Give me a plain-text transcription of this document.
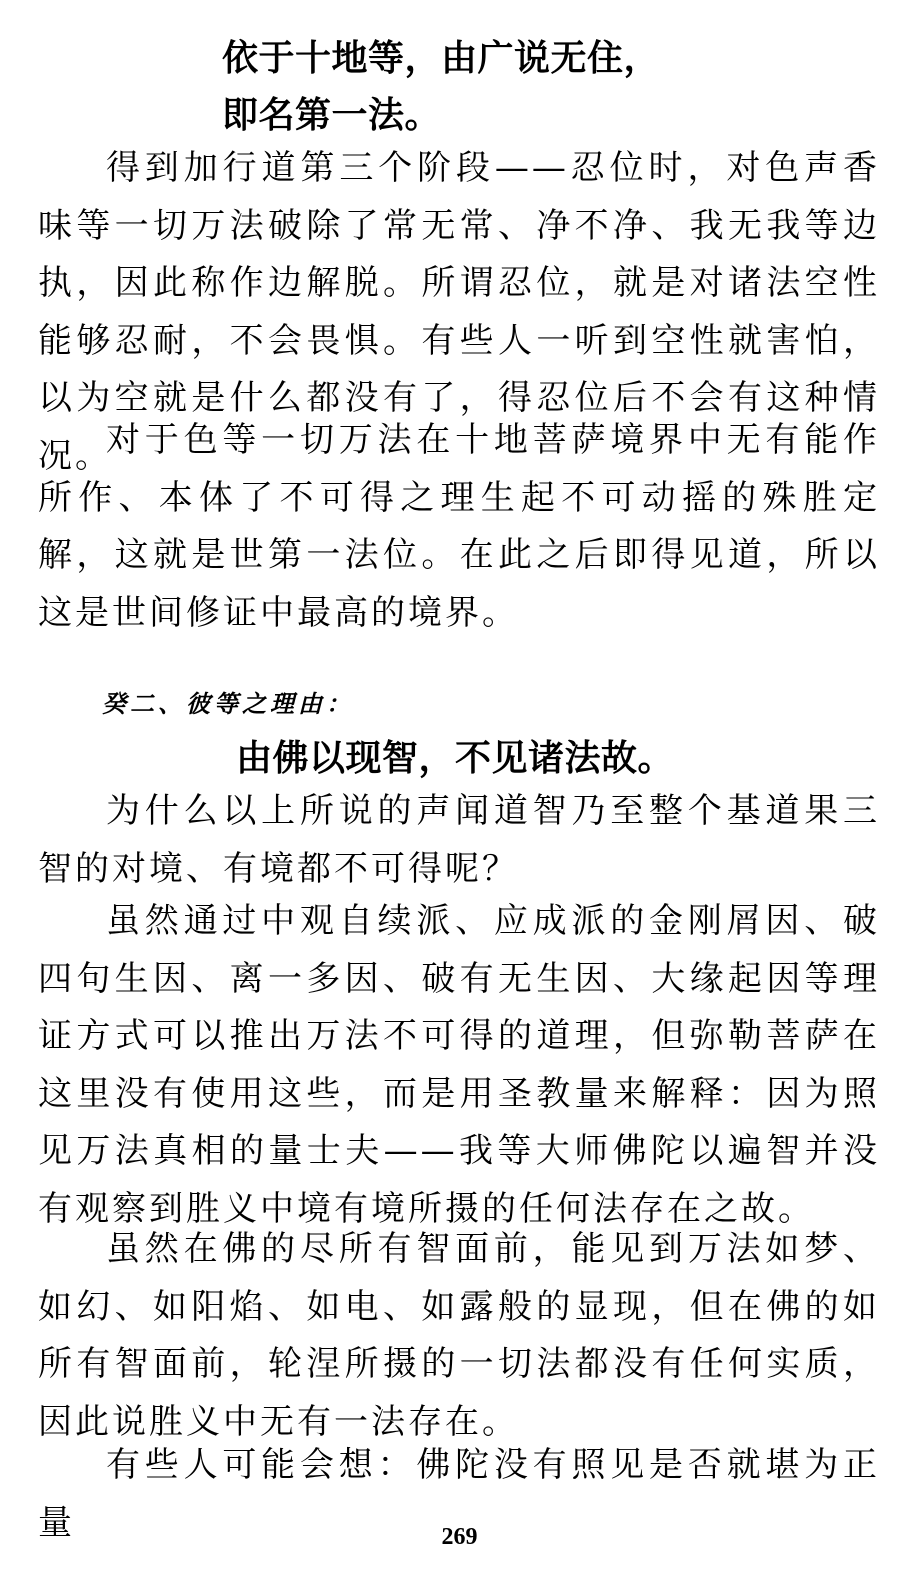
依于十地等，由广说无住，
即名第一法。

得到加行道第三个阶段——忍位时，对色声香味等一切万法破除了常无常、净不净、我无我等边执，因此称作边解脱。所谓忍位，就是对诸法空性能够忍耐，不会畏惧。有些人一听到空性就害怕，以为空就是什么都没有了，得忍位后不会有这种情况。

对于色等一切万法在十地菩萨境界中无有能作所作、本体了不可得之理生起不可动摇的殊胜定解，这就是世第一法位。在此之后即得见道，所以这是世间修证中最高的境界。

癸二、彼等之理由：
由佛以现智，不见诸法故。

为什么以上所说的声闻道智乃至整个基道果三智的对境、有境都不可得呢？

虽然通过中观自续派、应成派的金刚屑因、破四句生因、离一多因、破有无生因、大缘起因等理证方式可以推出万法不可得的道理，但弥勒菩萨在这里没有使用这些，而是用圣教量来解释：因为照见万法真相的量士夫——我等大师佛陀以遍智并没有观察到胜义中境有境所摄的任何法存在之故。

虽然在佛的尽所有智面前，能见到万法如梦、如幻、如阳焰、如电、如露般的显现，但在佛的如所有智面前，轮涅所摄的一切法都没有任何实质，因此说胜义中无有一法存在。

有些人可能会想：佛陀没有照见是否就堪为正量	269
